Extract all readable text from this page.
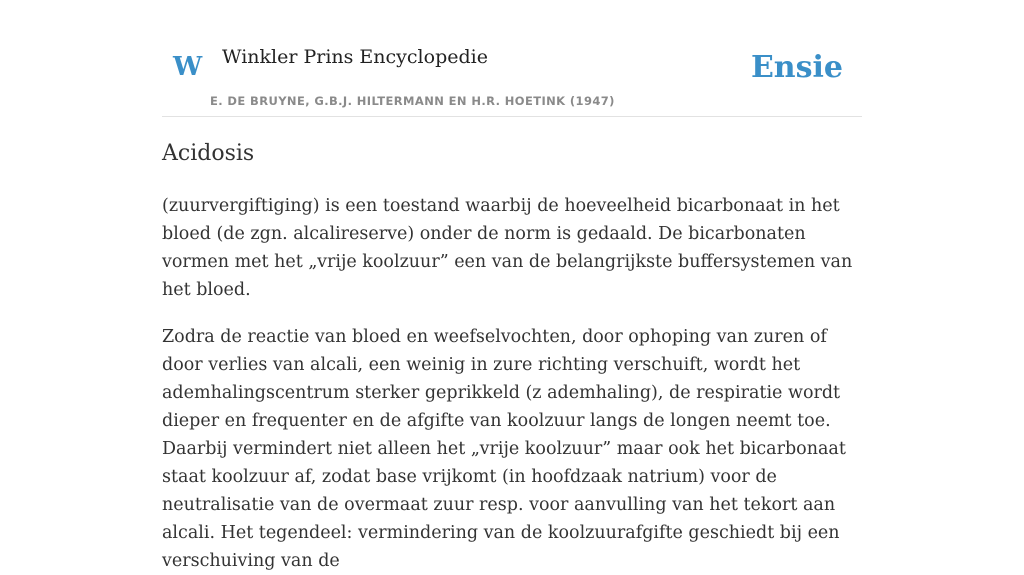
W Winkler Prins Encyclopedie
E. DE BRUYNE, G.B.J. HILTERMANN EN H.R. HOETINK (1947)
Ensie
Acidosis

(zuurvergiftiging) is een toestand waarbij de hoeveelheid bicarbonaat in het bloed (de zgn. alcalireserve) onder de norm is gedaald. De bicarbonaten vormen met het „vrije koolzuur” een van de belangrijkste buffersystemen van het bloed.

Zodra de reactie van bloed en weefselvochten, door ophoping van zuren of door verlies van alcali, een weinig in zure richting verschuift, wordt het ademhalingscentrum sterker geprikkeld (z ademhaling), de respiratie wordt dieper en frequenter en de afgifte van koolzuur langs de longen neemt toe. Daarbij vermindert niet alleen het „vrije koolzuur” maar ook het bicarbonaat staat koolzuur af, zodat base vrijkomt (in hoofdzaak natrium) voor de neutralisatie van de overmaat zuur resp. voor aanvulling van het tekort aan alcali. Het tegendeel: vermindering van de koolzuurafgifte geschiedt bij een verschuiving van de
